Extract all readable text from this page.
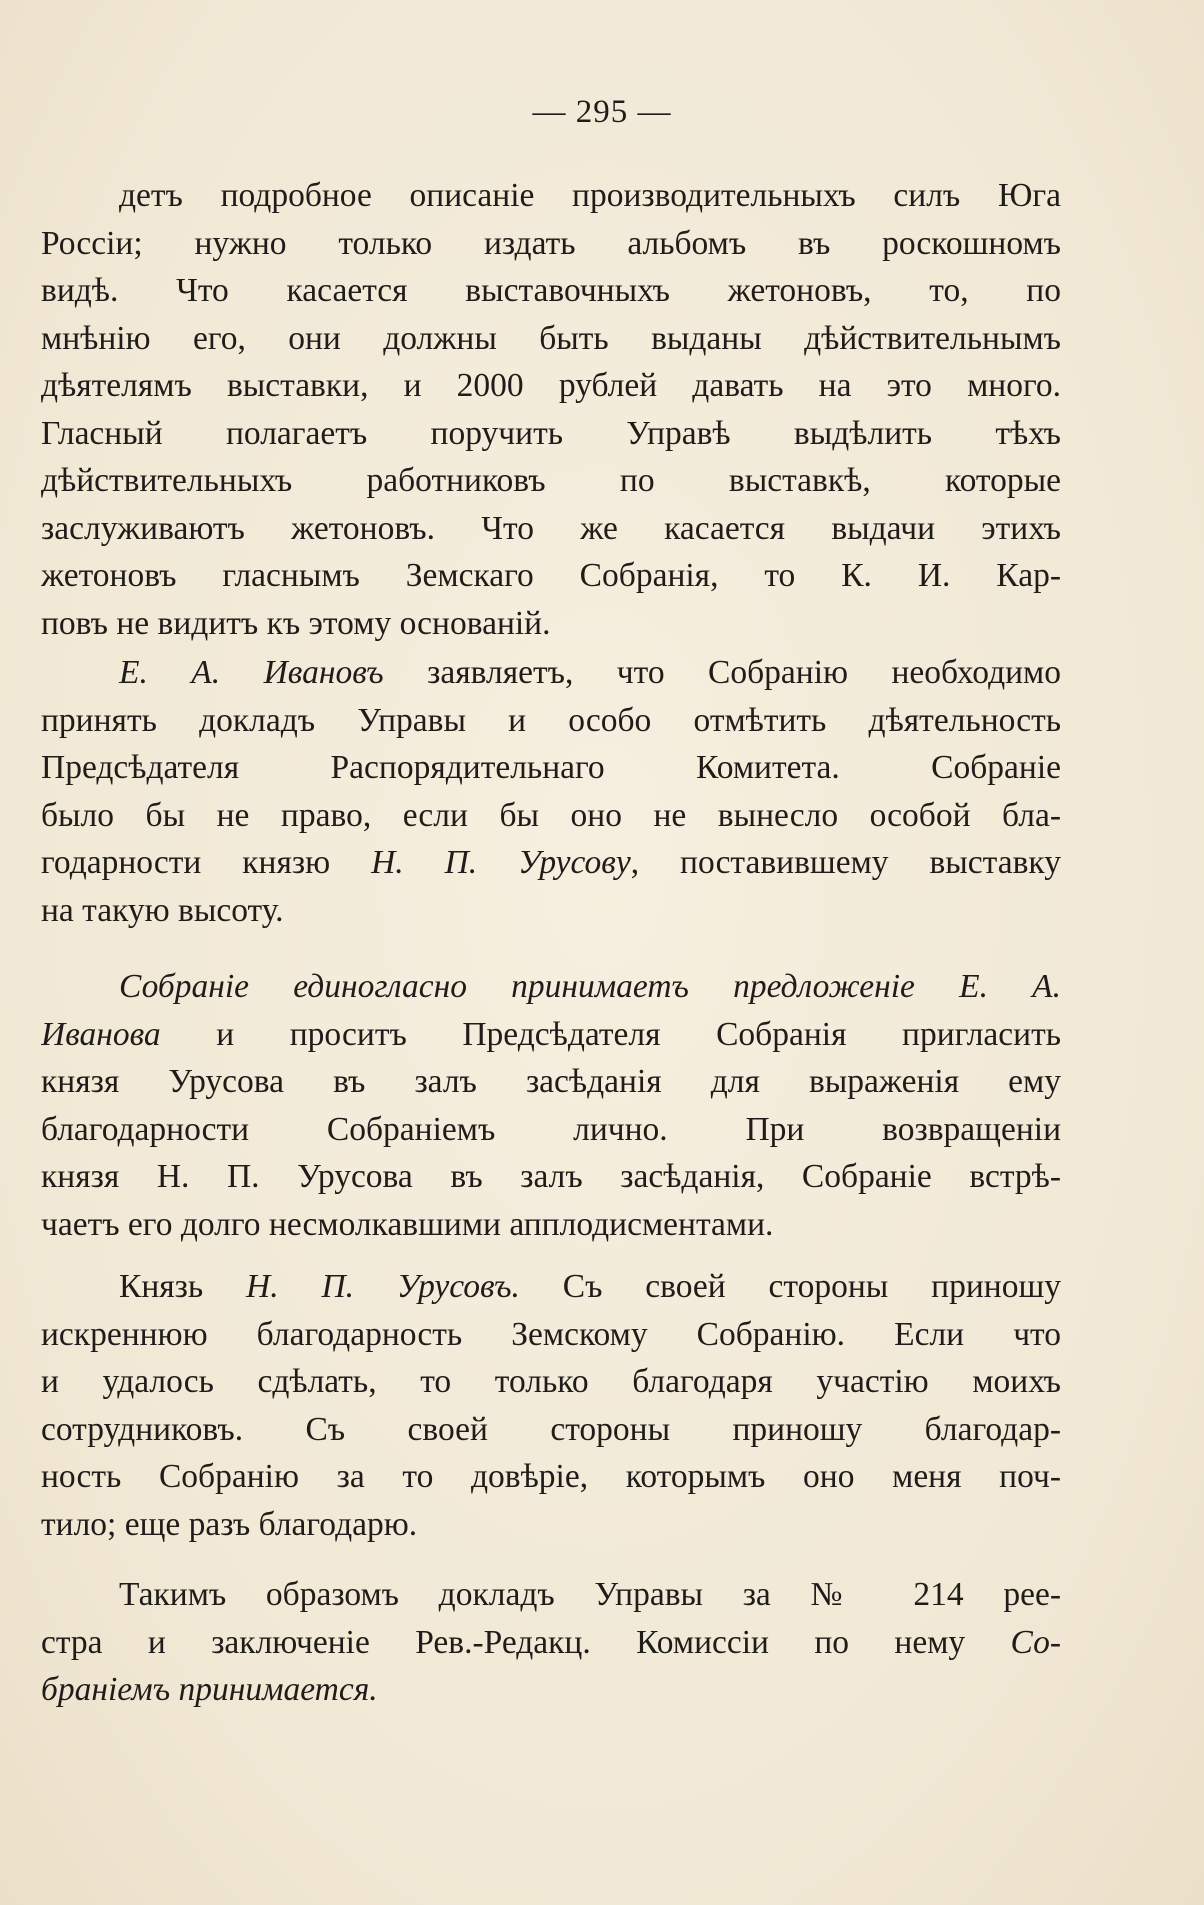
— 295 —
детъ подробное описаніе производительныхъ силъ Юга
Россіи; нужно только издать альбомъ въ роскошномъ
видѣ. Что касается выставочныхъ жетоновъ, то, по
мнѣнію его, они должны быть выданы дѣйствительнымъ
дѣятелямъ выставки, и 2000 рублей давать на это много.
Гласный полагаетъ поручить Управѣ выдѣлить тѣхъ
дѣйствительныхъ работниковъ по выставкѣ, которые
заслуживаютъ жетоновъ. Что же касается выдачи этихъ
жетоновъ гласнымъ Земскаго Собранія, то К. И. Кар-
повъ не видитъ къ этому основаній.
Е. А. Ивановъ заявляетъ, что Собранію необходимо
принять докладъ Управы и особо отмѣтить дѣятельность
Предсѣдателя Распорядительнаго Комитета. Собраніе
было бы не право, если бы оно не вынесло особой бла-
годарности князю Н. П. Урусову, поставившему выставку
на такую высоту.
Собраніе единогласно принимаетъ предложеніе Е. А.
Иванова и проситъ Предсѣдателя Собранія пригласить
князя Урусова въ залъ засѣданія для выраженія ему
благодарности Собраніемъ лично. При возвращеніи
князя Н. П. Урусова въ залъ засѣданія, Собраніе встрѣ-
чаетъ его долго несмолкавшими апплодисментами.
Князь Н. П. Урусовъ. Съ своей стороны приношу
искреннюю благодарность Земскому Собранію. Если что
и удалось сдѣлать, то только благодаря участію моихъ
сотрудниковъ. Съ своей стороны приношу благодар-
ность Собранію за то довѣріе, которымъ оно меня поч-
тило; еще разъ благодарю.
Такимъ образомъ докладъ Управы за № 214 рее-
стра и заключеніе Рев.-Редакц. Комиссіи по нему Со-
браніемъ принимается.
